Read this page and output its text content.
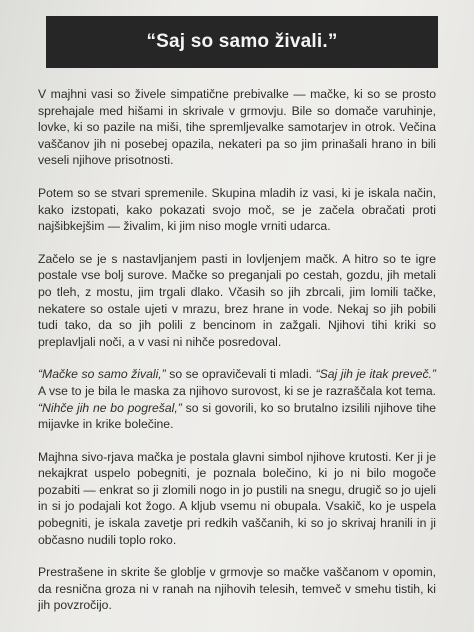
“Saj so samo živali.”

V majhni vasi so živele simpatične prebivalke — mačke, ki so se prosto sprehajale med hišami in skrivale v grmovju. Bile so domače varuhinje, lovke, ki so pazile na miši, tihe spremljevalke samotarjev in otrok. Večina vaščanov jih ni posebej opazila, nekateri pa so jim prinašali hrano in bili veseli njihove prisotnosti.

Potem so se stvari spremenile. Skupina mladih iz vasi, ki je iskala način, kako izstopati, kako pokazati svojo moč, se je začela obračati proti najšibkejšim — živalim, ki jim niso mogle vrniti udarca.

Začelo se je s nastavljanjem pasti in lovljenjem mačk. A hitro so te igre postale vse bolj surove. Mačke so preganjali po cestah, gozdu, jih metali po tleh, z mostu, jim trgali dlako. Včasih so jih zbrcali, jim lomili tačke, nekatere so ostale ujeti v mrazu, brez hrane in vode. Nekaj so jih pobili tudi tako, da so jih polili z bencinom in zažgali. Njihovi tihi kriki so preplavljali noči, a v vasi ni nihče posredoval.

“Mačke so samo živali,” so se opravičevali ti mladi. “Saj jih je itak preveč.” A vse to je bila le maska za njihovo surovost, ki se je razraščala kot tema. “Nihče jih ne bo pogrešal,” so si govorili, ko so brutalno izsilili njihove tihe mijavke in krike bolečine.

Majhna sivo-rjava mačka je postala glavni simbol njihove krutosti. Ker ji je nekajkrat uspelo pobegniti, je poznala bolečino, ki jo ni bilo mogoče pozabiti — enkrat so ji zlomili nogo in jo pustili na snegu, drugič so jo ujeli in si jo podajali kot žogo. A kljub vsemu ni obupala. Vsakič, ko je uspela pobegniti, je iskala zavetje pri redkih vaščanih, ki so jo skrivaj hranili in ji občasno nudili toplo roko.

Prestrašene in skrite še globlje v grmovje so mačke vaščanom v opomin, da resnična groza ni v ranah na njihovih telesih, temveč v smehu tistih, ki jih povzročijo.
